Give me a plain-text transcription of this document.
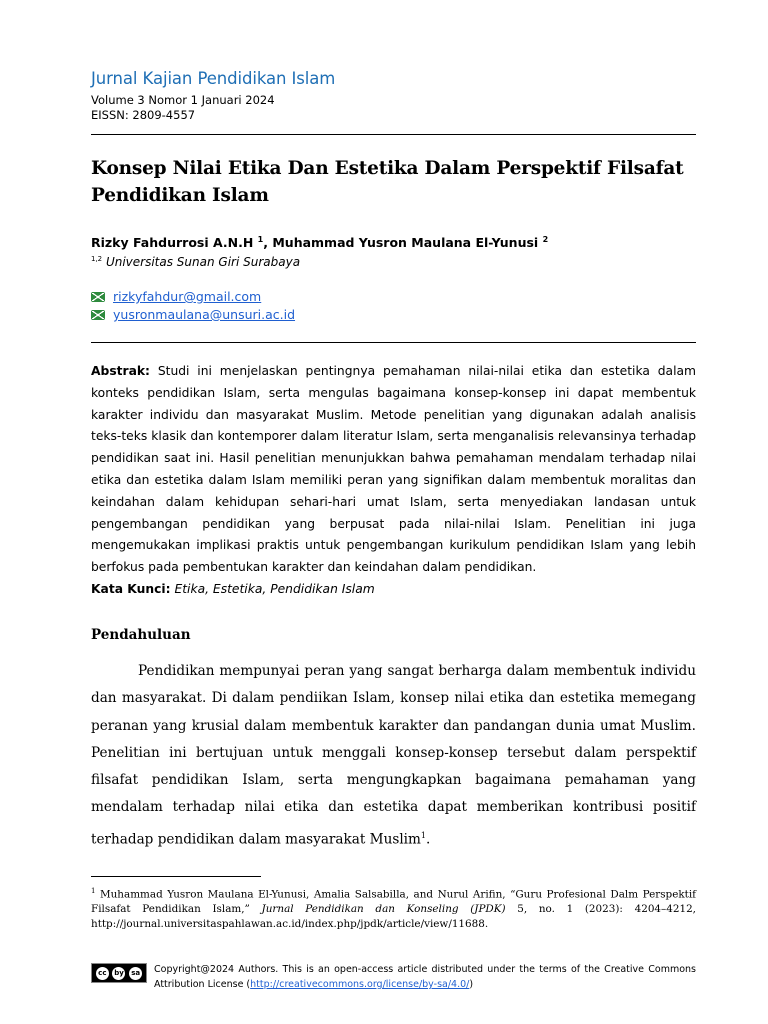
Jurnal Kajian Pendidikan Islam
Volume 3 Nomor 1 Januari 2024
EISSN: 2809-4557
Konsep Nilai Etika Dan Estetika Dalam Perspektif Filsafat Pendidikan Islam
Rizky Fahdurrosi A.N.H $^1$, Muhammad Yusron Maulana El-Yunusi $^2$
$^{1,2}$ Universitas Sunan Giri Surabaya
rizkyfahdur@gmail.com
yusronmaulana@unsuri.ac.id
Abstrak: Studi ini menjelaskan pentingnya pemahaman nilai-nilai etika dan estetika dalam konteks pendidikan Islam, serta mengulas bagaimana konsep-konsep ini dapat membentuk karakter individu dan masyarakat Muslim. Metode penelitian yang digunakan adalah analisis teks-teks klasik dan kontemporer dalam literatur Islam, serta menganalisis relevansinya terhadap pendidikan saat ini. Hasil penelitian menunjukkan bahwa pemahaman mendalam terhadap nilai etika dan estetika dalam Islam memiliki peran yang signifikan dalam membentuk moralitas dan keindahan dalam kehidupan sehari-hari umat Islam, serta menyediakan landasan untuk pengembangan pendidikan yang berpusat pada nilai-nilai Islam. Penelitian ini juga mengemukakan implikasi praktis untuk pengembangan kurikulum pendidikan Islam yang lebih berfokus pada pembentukan karakter dan keindahan dalam pendidikan.
Kata Kunci: Etika, Estetika, Pendidikan Islam
Pendahuluan
Pendidikan mempunyai peran yang sangat berharga dalam membentuk individu dan masyarakat. Di dalam pendiikan Islam, konsep nilai etika dan estetika memegang peranan yang krusial dalam membentuk karakter dan pandangan dunia umat Muslim. Penelitian ini bertujuan untuk menggali konsep-konsep tersebut dalam perspektif filsafat pendidikan Islam, serta mengungkapkan bagaimana pemahaman yang mendalam terhadap nilai etika dan estetika dapat memberikan kontribusi positif terhadap pendidikan dalam masyarakat Muslim$^1$.
$^1$ Muhammad Yusron Maulana El-Yunusi, Amalia Salsabilla, and Nurul Arifin, “Guru Profesional Dalm Perspektif Filsafat Pendidikan Islam,” Jurnal Pendidikan dan Konseling (JPDK) 5, no. 1 (2023): 4204–4212, http://journal.universitaspahlawan.ac.id/index.php/jpdk/article/view/11688.
cc	by sa Copyright@2024 Authors. This is an open-access article distributed under the terms of the Creative Commons Attribution License (http://creativecommons.org/license/by-sa/4.0/)
